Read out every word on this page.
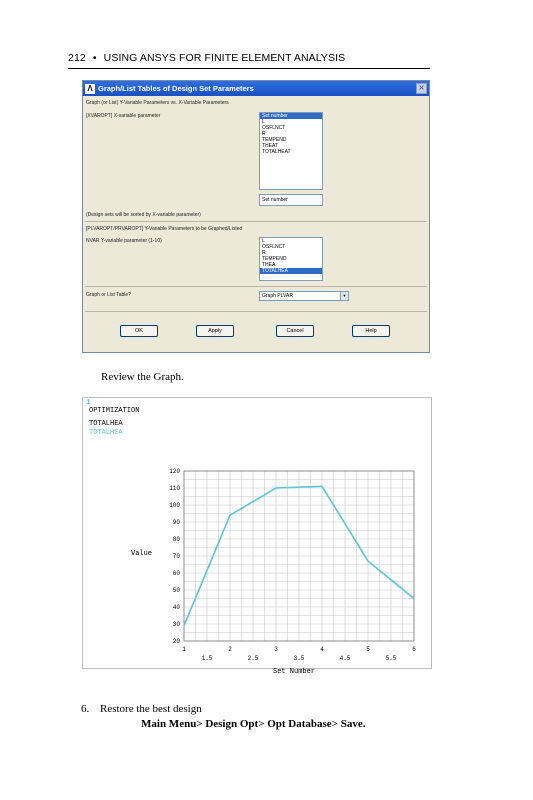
212 • USING ANSYS FOR FINITE ELEMENT ANALYSIS
Λ Graph/List Tables of Design Set Parameters	✕
Graph (or List) Y-Variable Parameters vs. X-Variable Parameters
[XVAROPT] X-variable parameter	Set number
L
OSFLNCT
R
TEMPEND
THEAT
TOTALHEAT
Set number
(Design sets will be sorted by X-variable parameter)
[PLVAROPT/PRVAROPT] Y-Variable Parameters to be Graphed/Listed
NVAR Y-variable parameter (1-10)	L
OSFLNCT
R
TEMPEND
THEA
TOTALHEA
Graph or List Table?	Graph PLVAR	▼
OK	Apply	Cancel	Help
Review the Graph.
1
OPTIMIZATION
TOTALHEA
TOTALHEA
Value
Set Number
20
30
40
50
60
70
80
90
100
110
120
1	2	3	4	5	6
1.5	2.5	3.5	4.5	5.5
6. Restore the best design
Main Menu> Design Opt> Opt Database> Save.
